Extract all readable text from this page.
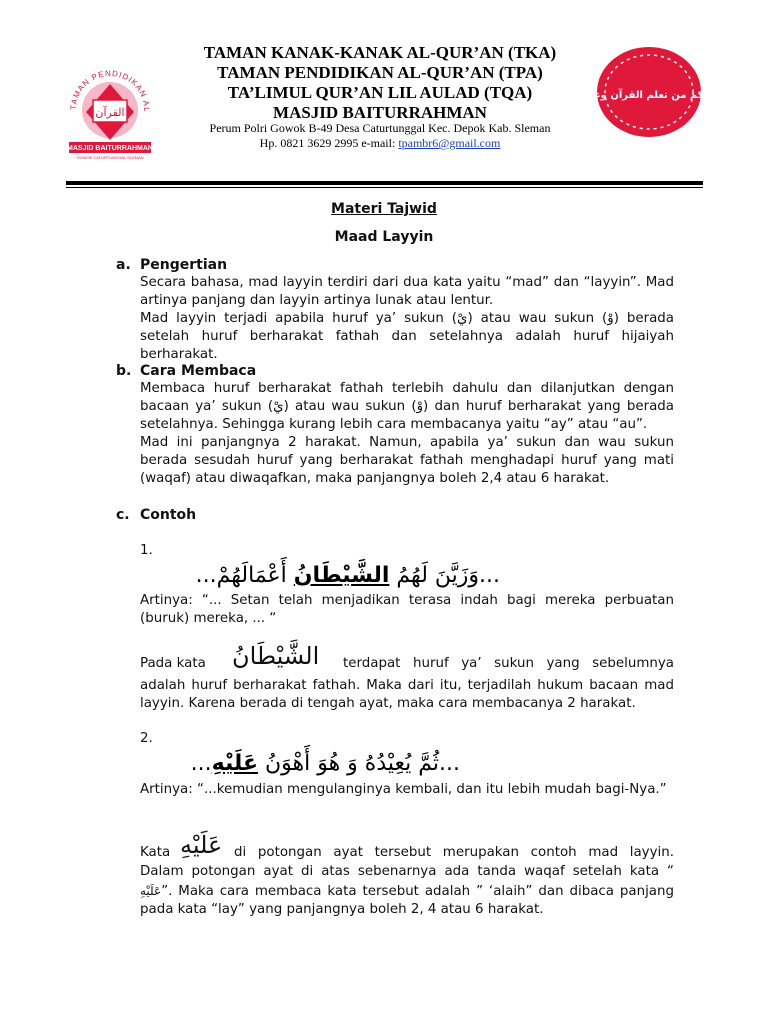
TAMAN PENDIDIKAN AL
القرآن
MASJID BAITURRAHMAN
GOWOK CATURTUNGGAL SLEMAN
TAMAN KANAK-KANAK AL-QUR’AN (TKA)
TAMAN PENDIDIKAN AL-QUR’AN (TPA)
TA’LIMUL QUR’AN LIL AULAD (TQA)
MASJID BAITURRAHMAN
Perum Polri Gowok B-49 Desa Caturtunggal Kec. Depok Kab. Sleman
Hp. 0821 3629 2995 e-mail: tpambr6@gmail.com
خيركم من تعلم القرآن وعلمه
Materi Tajwid
Maad Layyin
a. Pengertian

Secara bahasa, mad layyin terdiri dari dua kata yaitu “mad” dan “layyin”. Mad artinya panjang dan layyin artinya lunak atau lentur.

Mad layyin terjadi apabila huruf ya’ sukun (يْ) atau wau sukun (وْ) berada setelah huruf berharakat fathah dan setelahnya adalah huruf hijaiyah berharakat.

b. Cara Membaca

Membaca huruf berharakat fathah terlebih dahulu dan dilanjutkan dengan bacaan ya’ sukun (يْ) atau wau sukun (وْ) dan huruf berharakat yang berada setelahnya. Sehingga kurang lebih cara membacanya yaitu “ay” atau “au”.

Mad ini panjangnya 2 harakat. Namun, apabila ya’ sukun dan wau sukun berada sesudah huruf yang berharakat fathah menghadapi huruf yang mati (waqaf) atau diwaqafkan, maka panjangnya boleh 2,4 atau 6 harakat.

c. Contoh
1.
...وَزَيَّنَ لَهُمُ الشَّيْطَانُ أَعْمَالَهُمْ...
Artinya: “... Setan telah menjadikan terasa indah bagi mereka perbuatan (buruk) mereka, ... “
Pada kata الشَّيْطَانُ terdapat huruf ya’ sukun yang sebelumnya
adalah huruf berharakat fathah. Maka dari itu, terjadilah hukum bacaan mad layyin. Karena berada di tengah ayat, maka cara membacanya 2 harakat.
2.
...ثُمَّ يُعِيْدُهُ وَ هُوَ أَهْوَنُ عَلَيْهِ...
Artinya: “...kemudian mengulanginya kembali, dan itu lebih mudah bagi-Nya.”
Kata عَلَيْهِ di potongan ayat tersebut merupakan contoh mad layyin.
Dalam potongan ayat di atas sebenarnya ada tanda waqaf setelah kata “
عَلَيْهِ”. Maka cara membaca kata tersebut adalah ” ‘alaih” dan dibaca panjang pada kata “lay” yang panjangnya boleh 2, 4 atau 6 harakat.
